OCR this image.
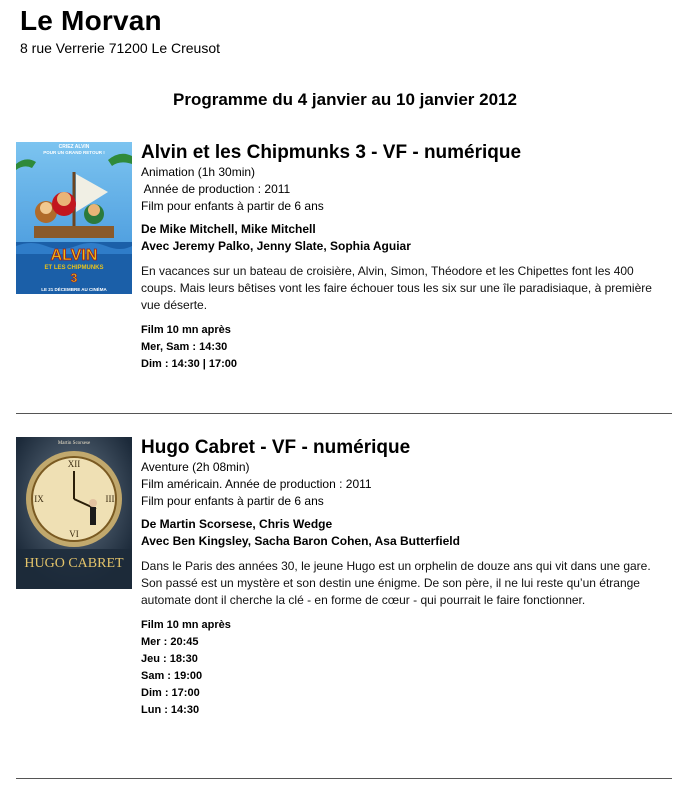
Le Morvan
8 rue Verrerie 71200 Le Creusot
Programme du 4 janvier au 10 janvier 2012
CRIEZ ALVIN
POUR UN GRAND RETOUR !
ALVIN
ET LES CHIPMUNKS
3
LE 21 DÉCEMBRE AU CINÉMA
Alvin et les Chipmunks 3 - VF - numérique
Animation (1h 30min)
Année de production : 2011
Film pour enfants à partir de 6 ans
De Mike Mitchell, Mike Mitchell
Avec Jeremy Palko, Jenny Slate, Sophia Aguiar
En vacances sur un bateau de croisière, Alvin, Simon, Théodore et les Chipettes font les 400 coups. Mais leurs bêtises vont les faire échouer tous les six sur une île paradisiaque, à première vue déserte.
Film 10 mn après
Mer, Sam : 14:30
Dim : 14:30 | 17:00
XII
III
VI
IX
Martin Scorsese
HUGO CABRET
Hugo Cabret - VF - numérique
Aventure (2h 08min)
Film américain. Année de production : 2011
Film pour enfants à partir de 6 ans
De Martin Scorsese, Chris Wedge
Avec Ben Kingsley, Sacha Baron Cohen, Asa Butterfield
Dans le Paris des années 30, le jeune Hugo est un orphelin de douze ans qui vit dans une gare. Son passé est un mystère et son destin une énigme. De son père, il ne lui reste qu’un étrange automate dont il cherche la clé - en forme de cœur - qui pourrait le faire fonctionner.
Film 10 mn après
Mer : 20:45
Jeu : 18:30
Sam : 19:00
Dim : 17:00
Lun : 14:30
